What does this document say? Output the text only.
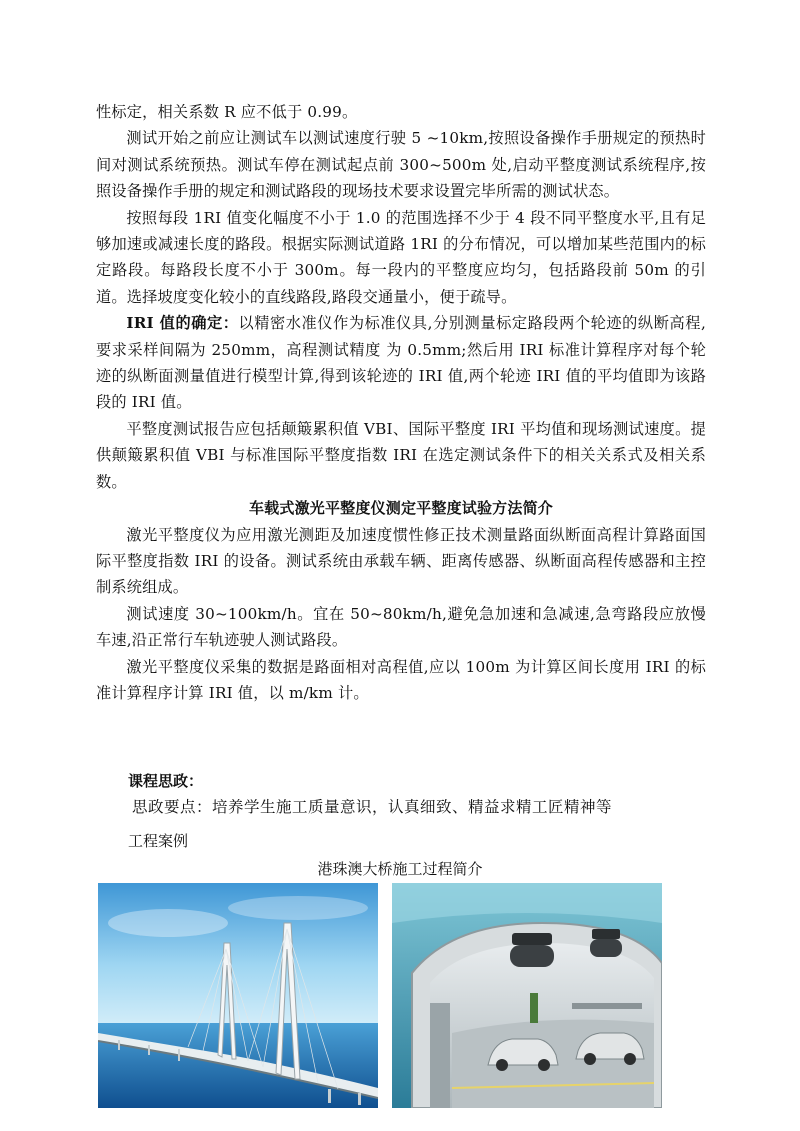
性标定，相关系数 R 应不低于 0.99。

测试开始之前应让测试车以测试速度行驶 5 ~10km,按照设备操作手册规定的预热时间对测试系统预热。测试车停在测试起点前 300~500m 处,启动平整度测试系统程序,按照设备操作手册的规定和测试路段的现场技术要求设置完毕所需的测试状态。

按照每段 1RI 值变化幅度不小于 1.0 的范围选择不少于 4 段不同平整度水平,且有足够加速或减速长度的路段。根据实际测试道路 1RI 的分布情况，可以增加某些范围内的标定路段。每路段长度不小于 300m。每一段内的平整度应均匀，包括路段前 50m 的引道。选择坡度变化较小的直线路段,路段交通量小，便于疏导。

IRI 值的确定：以精密水准仪作为标准仪具,分别测量标定路段两个轮迹的纵断高程,要求采样间隔为 250mm，高程测试精度 为 0.5mm;然后用 IRI 标准计算程序对每个轮迹的纵断面测量值进行模型计算,得到该轮迹的 IRI 值,两个轮迹 IRI 值的平均值即为该路段的 IRI 值。

平整度测试报告应包括颠簸累积值 VBI、国际平整度 IRI 平均值和现场测试速度。提供颠簸累积值 VBI 与标准国际平整度指数 IRI 在选定测试条件下的相关关系式及相关系数。

车载式激光平整度仪测定平整度试验方法简介

激光平整度仪为应用激光测距及加速度惯性修正技术测量路面纵断面高程计算路面国际平整度指数 IRI 的设备。测试系统由承载车辆、距离传感器、纵断面高程传感器和主控制系统组成。

测试速度 30~100km/h。宜在 50~80km/h,避免急加速和急减速,急弯路段应放慢车速,沿正常行车轨迹驶人测试路段。

激光平整度仪采集的数据是路面相对高程值,应以 100m 为计算区间长度用 IRI 的标准计算程序计算 IRI 值，以 m/km 计。

课程思政：
思政要点：培养学生施工质量意识，认真细致、精益求精工匠精神等
工程案例
港珠澳大桥施工过程简介
